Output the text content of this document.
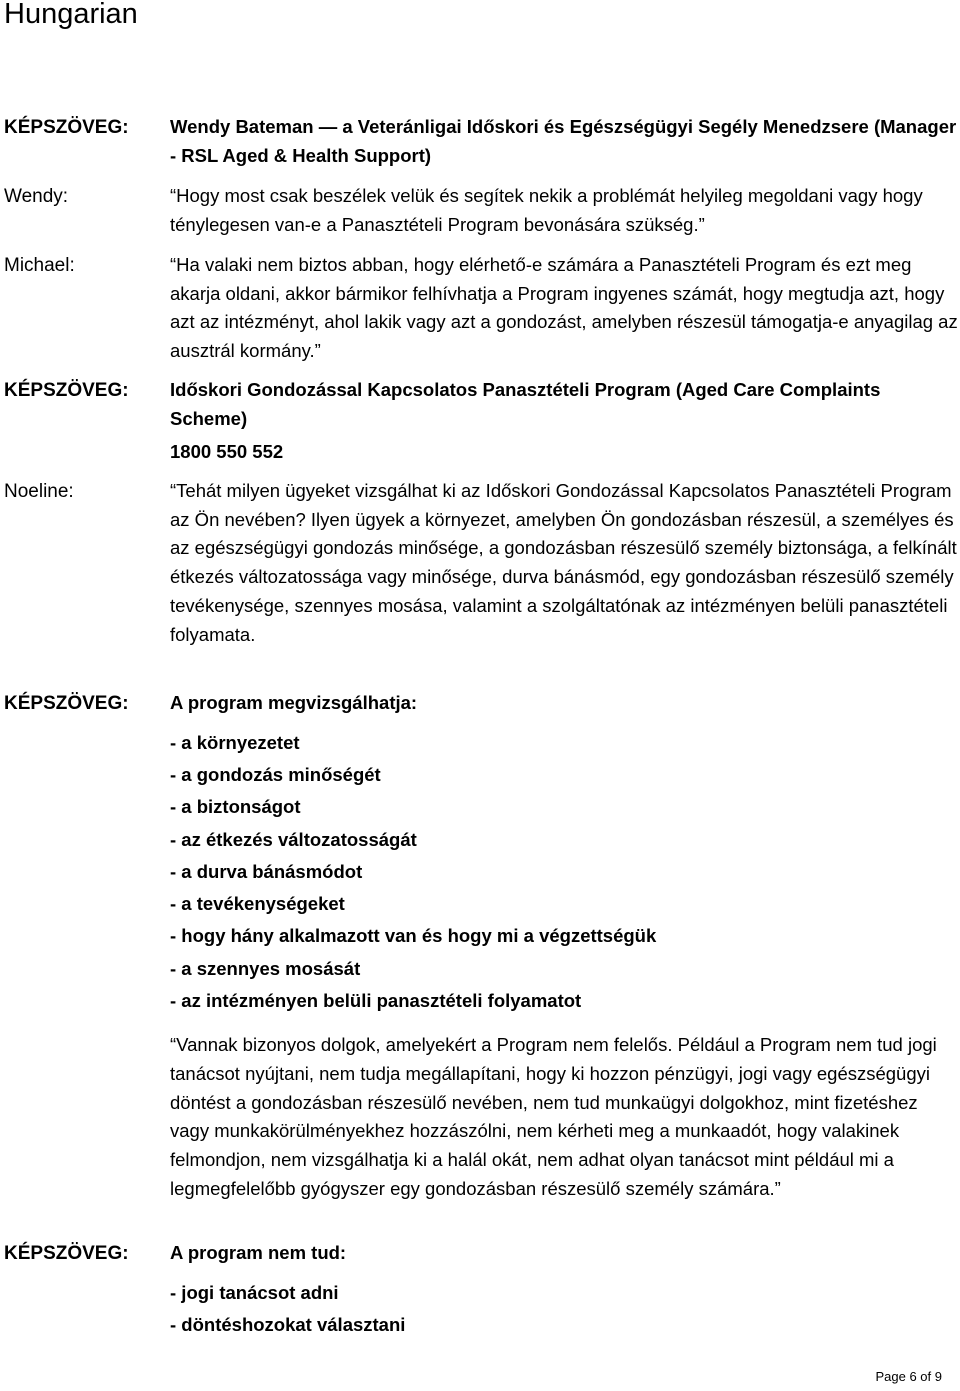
Hungarian
KÉPSZÖVEG: Wendy Bateman — a Veteránligai Időskori és Egészségügyi Segély Menedzsere (Manager - RSL Aged & Health Support)

Wendy:	“Hogy most csak beszélek velük és segítek nekik a problémát helyileg megoldani vagy hogy ténylegesen van-e a Panasztételi Program bevonására szükség.”

Michael:	“Ha valaki nem biztos abban, hogy elérhető-e számára a Panasztételi Program és ezt meg akarja oldani, akkor bármikor felhívhatja a Program ingyenes számát, hogy megtudja azt, hogy azt az intézményt, ahol lakik vagy azt a gondozást, amelyben részesül támogatja-e anyagilag az ausztrál kormány.”

KÉPSZÖVEG: Időskori Gondozással Kapcsolatos Panasztételi Program (Aged Care Complaints Scheme)

1800 550 552

Noeline:	“Tehát milyen ügyeket vizsgálhat ki az Időskori Gondozással Kapcsolatos Panasztételi Program az Ön nevében? Ilyen ügyek a környezet, amelyben Ön gondozásban részesül, a személyes és az egészségügyi gondozás minősége, a gondozásban részesülő személy biztonsága, a felkínált étkezés változatossága vagy minősége, durva bánásmód, egy gondozásban részesülő személy tevékenysége, szennyes mosása, valamint a szolgáltatónak az intézményen belüli panasztételi folyamata.

KÉPSZÖVEG: A program megvizsgálhatja:

- a környezetet
- a gondozás minőségét
- a biztonságot
- az étkezés változatosságát
- a durva bánásmódot
- a tevékenységeket
- hogy hány alkalmazott van és hogy mi a végzettségük
- a szennyes mosását
- az intézményen belüli panasztételi folyamatot

“Vannak bizonyos dolgok, amelyekért a Program nem felelős. Például a Program nem tud jogi tanácsot nyújtani, nem tudja megállapítani, hogy ki hozzon pénzügyi, jogi vagy egészségügyi döntést a gondozásban részesülő nevében, nem tud munkaügyi dolgokhoz, mint fizetéshez vagy munkakörülményekhez hozzászólni, nem kérheti meg a munkaadót, hogy valakinek felmondjon, nem vizsgálhatja ki a halál okát, nem adhat olyan tanácsot mint például mi a legmegfelelőbb gyógyszer egy gondozásban részesülő személy számára.”

KÉPSZÖVEG: A program nem tud:

- jogi tanácsot adni
- döntéshozokat választani
Page 6 of 9
